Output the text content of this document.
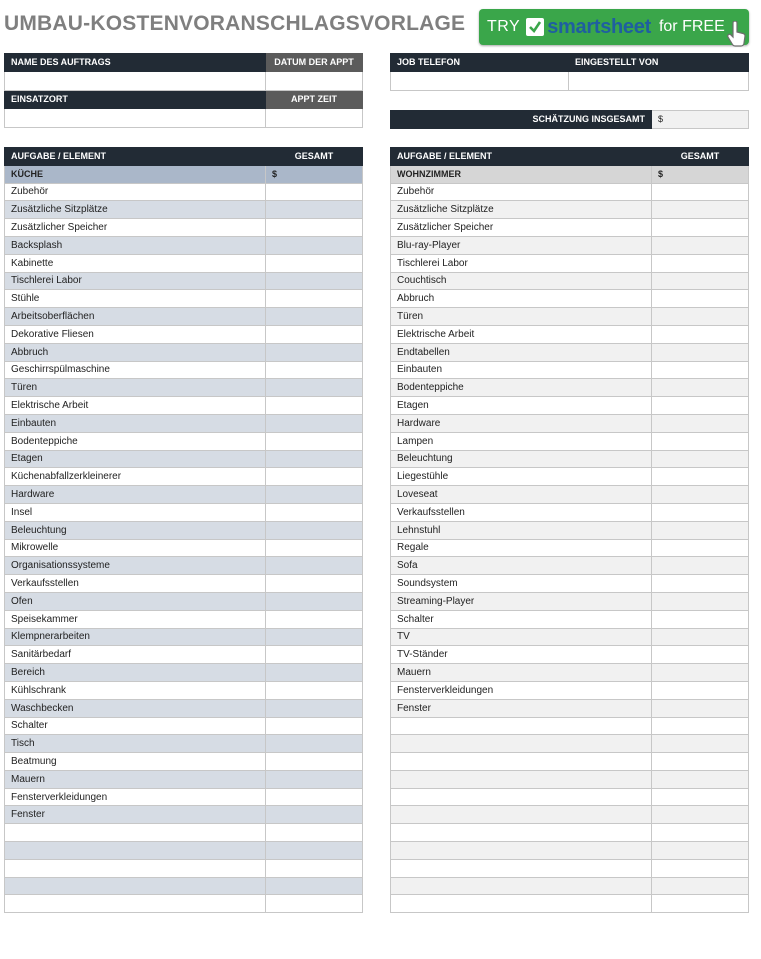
UMBAU-KOSTENVORANSCHLAGSVORLAGE TRY smartsheet for FREE
NAME DES AUFTRAGS	DATUM DER APPT

EINSATZORT	APPT ZEIT

JOB TELEFON	EINGESTELLT VON

SCHÄTZUNG INSGESAMT	$
AUFGABE / ELEMENT	GESAMT
KÜCHE	$
Zubehör	
Zusätzliche Sitzplätze	
Zusätzlicher Speicher	
Backsplash	
Kabinette	
Tischlerei Labor	
Stühle	
Arbeitsoberflächen	
Dekorative Fliesen	
Abbruch	
Geschirrspülmaschine	
Türen	
Elektrische Arbeit	
Einbauten	
Bodenteppiche	
Etagen	
Küchenabfallzerkleinerer	
Hardware	
Insel	
Beleuchtung	
Mikrowelle	
Organisationssysteme	
Verkaufsstellen	
Ofen	
Speisekammer	
Klempnerarbeiten	
Sanitärbedarf	
Bereich	
Kühlschrank	
Waschbecken	
Schalter	
Tisch	
Beatmung	
Mauern	
Fensterverkleidungen	
Fenster	

AUFGABE / ELEMENT	GESAMT
WOHNZIMMER	$
Zubehör	
Zusätzliche Sitzplätze	
Zusätzlicher Speicher	
Blu-ray-Player	
Tischlerei Labor	
Couchtisch	
Abbruch	
Türen	
Elektrische Arbeit	
Endtabellen	
Einbauten	
Bodenteppiche	
Etagen	
Hardware	
Lampen	
Beleuchtung	
Liegestühle	
Loveseat	
Verkaufsstellen	
Lehnstuhl	
Regale	
Sofa	
Soundsystem	
Streaming-Player	
Schalter	
TV	
TV-Ständer	
Mauern	
Fensterverkleidungen	
Fenster	
